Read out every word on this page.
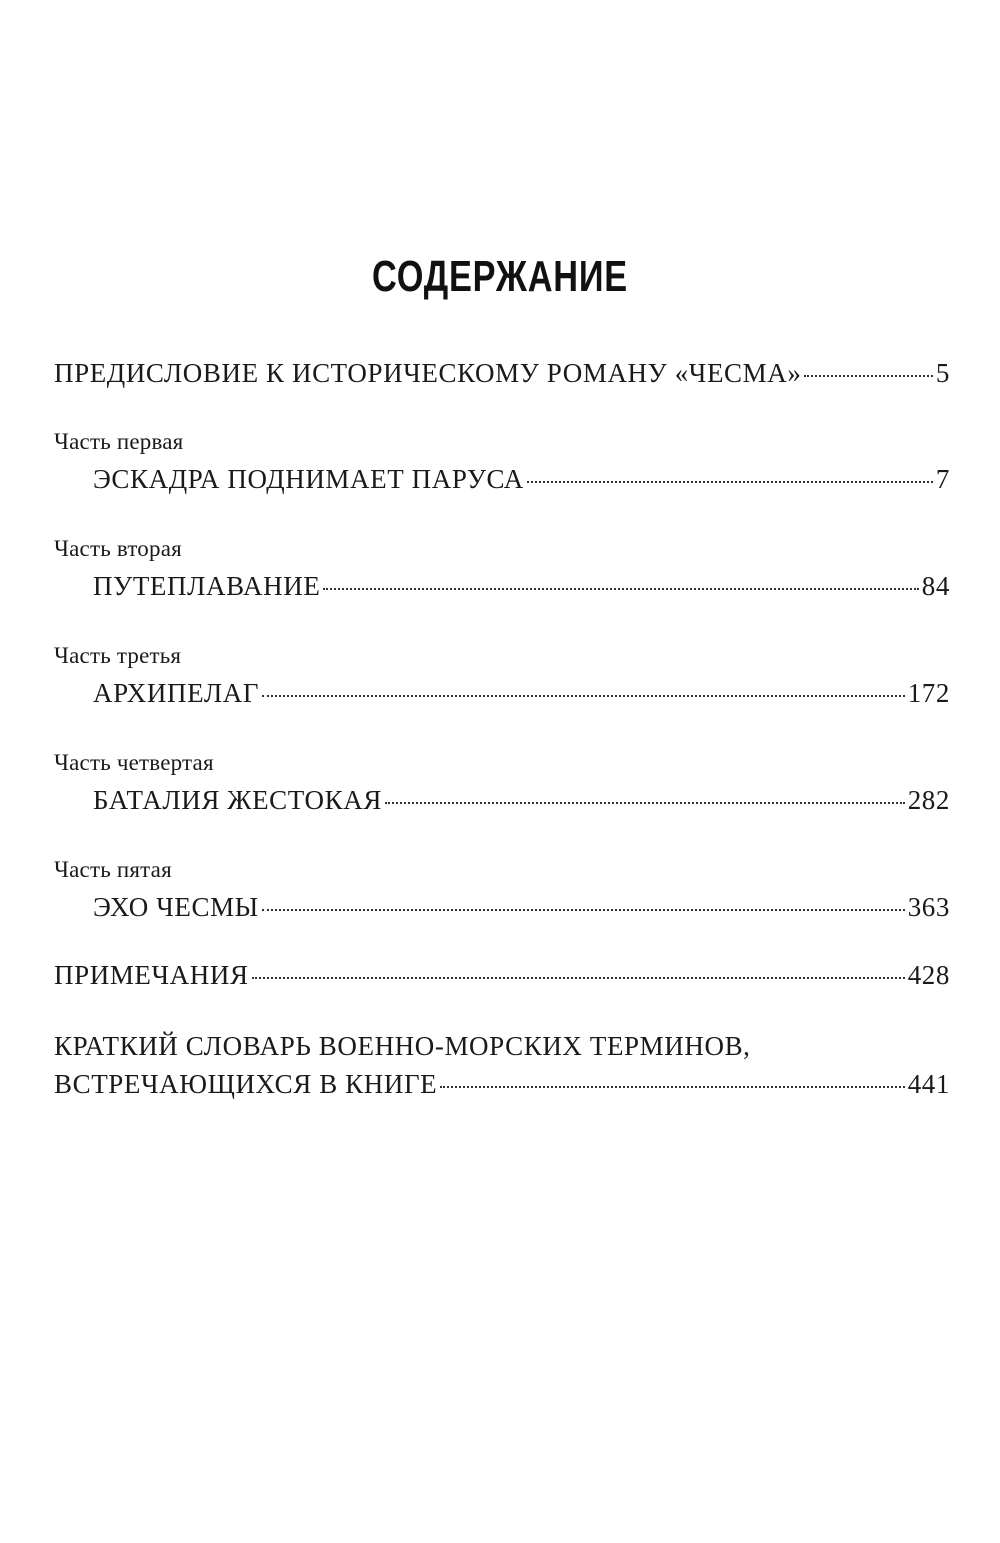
СОДЕРЖАНИЕ
ПРЕДИСЛОВИЕ К ИСТОРИЧЕСКОМУ РОМАНУ «ЧЕСМА»	5
Часть первая
ЭСКАДРА ПОДНИМАЕТ ПАРУСА	7
Часть вторая
ПУТЕПЛАВАНИЕ	84
Часть третья
АРХИПЕЛАГ	172
Часть четвертая
БАТАЛИЯ ЖЕСТОКАЯ	282
Часть пятая
ЭХО ЧЕСМЫ	363
ПРИМЕЧАНИЯ	428
КРАТКИЙ СЛОВАРЬ ВОЕННО-МОРСКИХ ТЕРМИНОВ,
ВСТРЕЧАЮЩИХСЯ В КНИГЕ	441
